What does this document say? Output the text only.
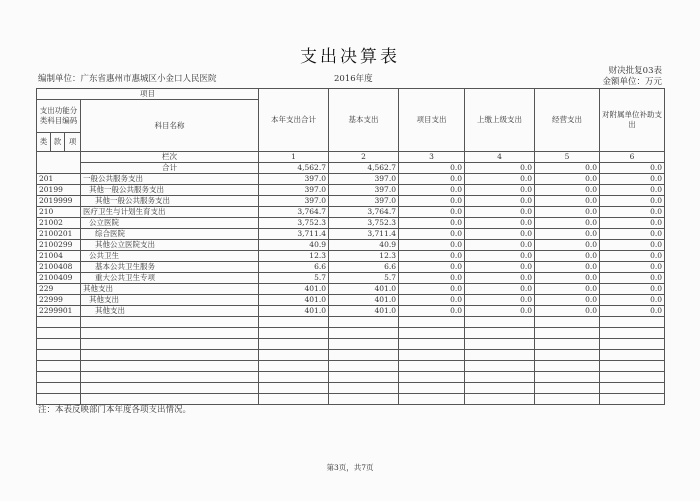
支出决算表
编制单位：广东省惠州市惠城区小金口人民医院	2016年度
财决批复03表
金额单位：万元
项目				本年支出合计	基本支出	项目支出	上缴上级支出	经营支出	对附属单位补助支出
支出功能分类科目编码			科目名称						
类	款	项							
			栏次	1	2	3	4	5	6
			合计	4,562.7	4,562.7	0.0	0.0	0.0	0.0
201			一般公共服务支出	397.0	397.0	0.0	0.0	0.0	0.0
20199			其他一般公共服务支出	397.0	397.0	0.0	0.0	0.0	0.0
2019999			其他一般公共服务支出	397.0	397.0	0.0	0.0	0.0	0.0
210			医疗卫生与计划生育支出	3,764.7	3,764.7	0.0	0.0	0.0	0.0
21002			公立医院	3,752.3	3,752.3	0.0	0.0	0.0	0.0
2100201			综合医院	3,711.4	3,711.4	0.0	0.0	0.0	0.0
2100299			其他公立医院支出	40.9	40.9	0.0	0.0	0.0	0.0
21004			公共卫生	12.3	12.3	0.0	0.0	0.0	0.0
2100408			基本公共卫生服务	6.6	6.6	0.0	0.0	0.0	0.0
2100409			重大公共卫生专项	5.7	5.7	0.0	0.0	0.0	0.0
229			其他支出	401.0	401.0	0.0	0.0	0.0	0.0
22999			其他支出	401.0	401.0	0.0	0.0	0.0	0.0
2299901			其他支出	401.0	401.0	0.0	0.0	0.0	0.0

注：本表反映部门本年度各项支出情况。
第3页，共7页
